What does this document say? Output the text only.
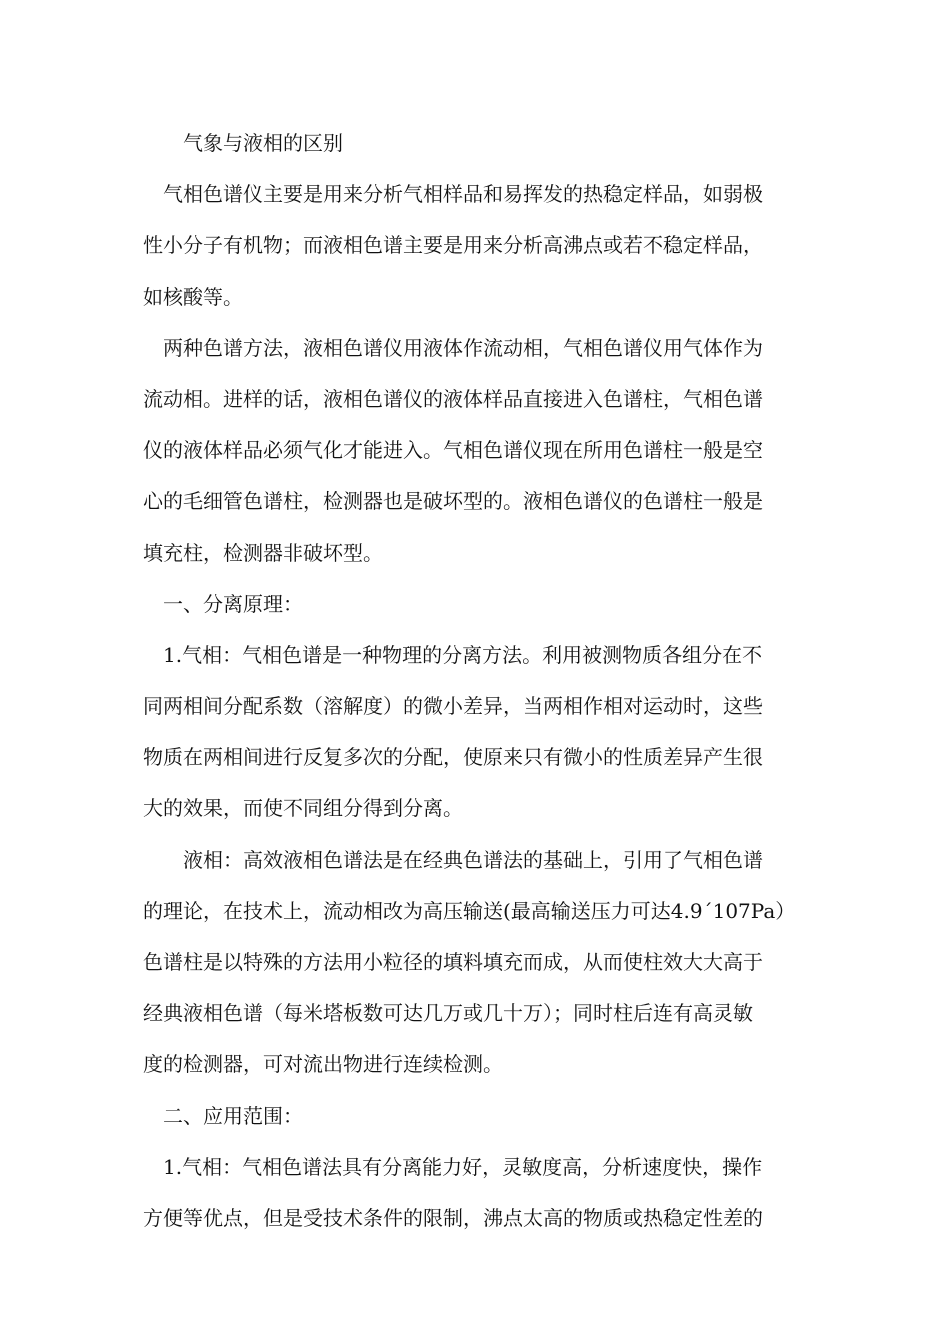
　　气象与液相的区别
　气相色谱仪主要是用来分析气相样品和易挥发的热稳定样品，如弱极
性小分子有机物；而液相色谱主要是用来分析高沸点或若不稳定样品，
如核酸等。
　两种色谱方法，液相色谱仪用液体作流动相，气相色谱仪用气体作为
流动相。进样的话，液相色谱仪的液体样品直接进入色谱柱，气相色谱
仪的液体样品必须气化才能进入。气相色谱仪现在所用色谱柱一般是空
心的毛细管色谱柱，检测器也是破坏型的。液相色谱仪的色谱柱一般是
填充柱，检测器非破坏型。
　一、分离原理：
　1.气相：气相色谱是一种物理的分离方法。利用被测物质各组分在不
同两相间分配系数（溶解度）的微小差异，当两相作相对运动时，这些
物质在两相间进行反复多次的分配，使原来只有微小的性质差异产生很
大的效果，而使不同组分得到分离。
　　液相：高效液相色谱法是在经典色谱法的基础上，引用了气相色谱
的理论，在技术上，流动相改为高压输送(最高输送压力可达4.9´107Pa）
色谱柱是以特殊的方法用小粒径的填料填充而成，从而使柱效大大高于
经典液相色谱（每米塔板数可达几万或几十万）；同时柱后连有高灵敏
度的检测器，可对流出物进行连续检测。
　二、应用范围：
　1.气相：气相色谱法具有分离能力好，灵敏度高，分析速度快，操作
方便等优点，但是受技术条件的限制，沸点太高的物质或热稳定性差的
